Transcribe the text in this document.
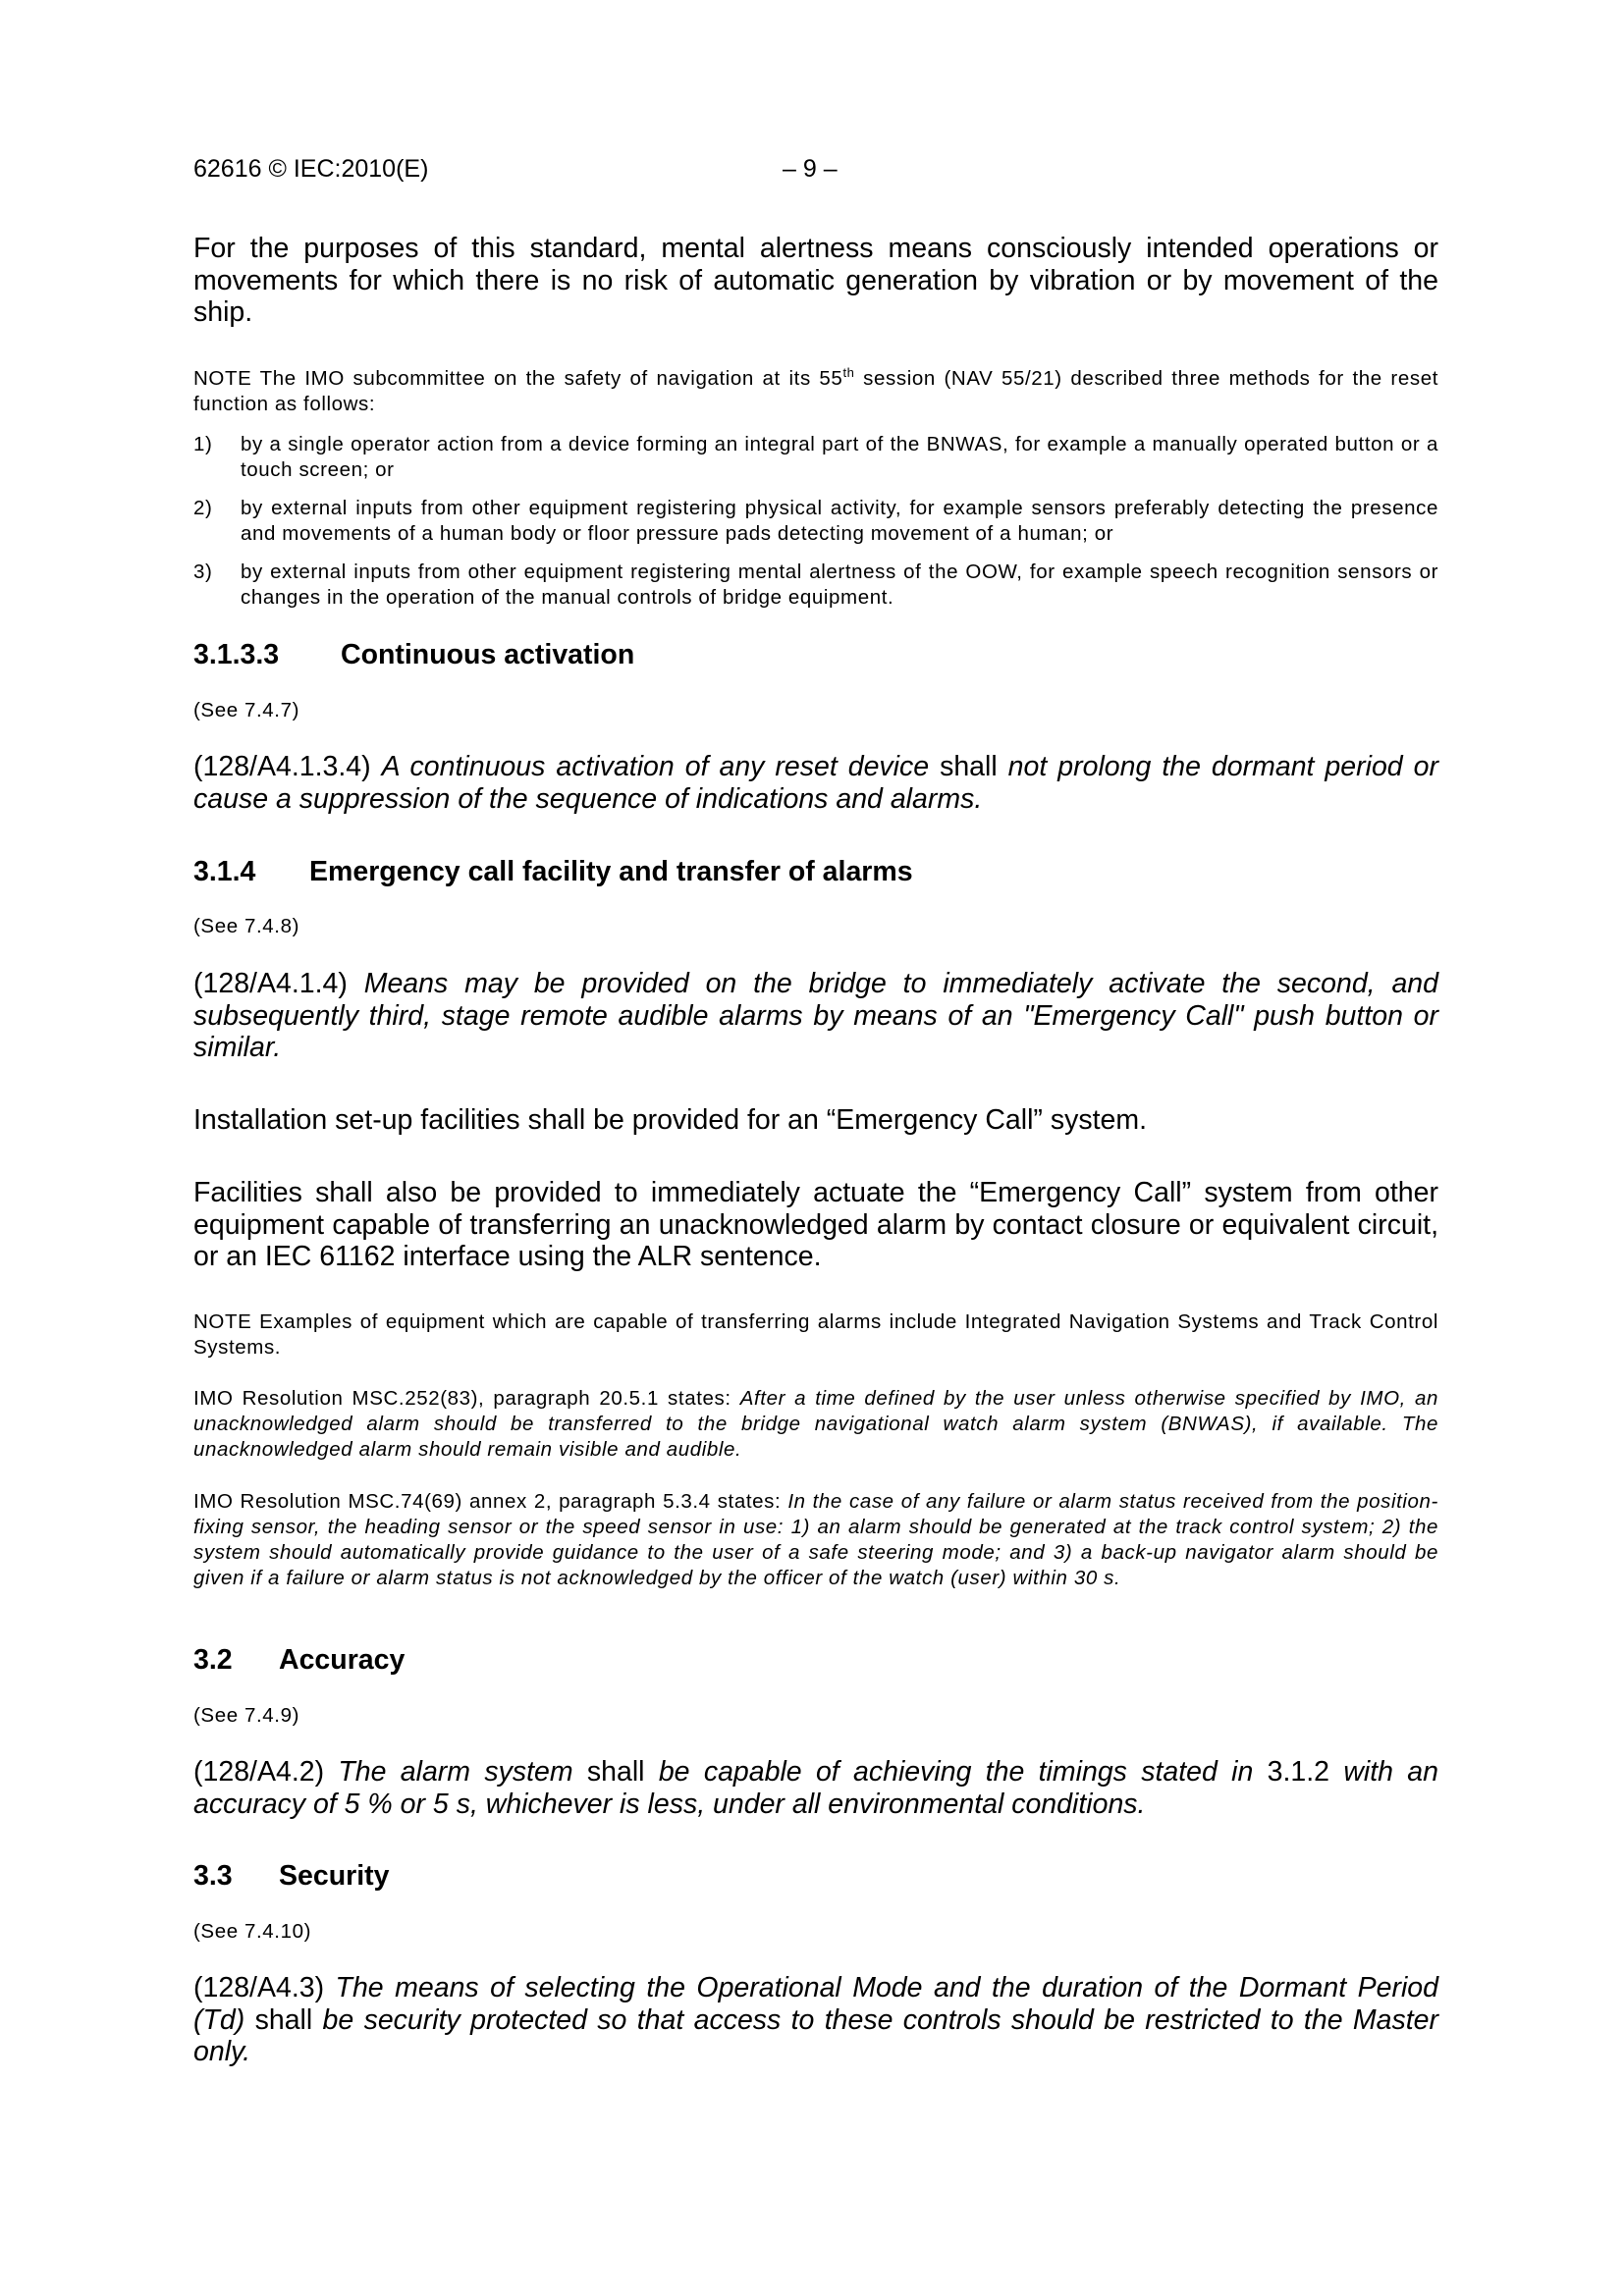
62616 © IEC:2010(E)	– 9 –

For the purposes of this standard, mental alertness means consciously intended operations or movements for which there is no risk of automatic generation by vibration or by movement of the ship.

NOTE The IMO subcommittee on the safety of navigation at its 55th session (NAV 55/21) described three methods for the reset function as follows:

1) by a single operator action from a device forming an integral part of the BNWAS, for example a manually operated button or a touch screen; or
2) by external inputs from other equipment registering physical activity, for example sensors preferably detecting the presence and movements of a human body or floor pressure pads detecting movement of a human; or
3) by external inputs from other equipment registering mental alertness of the OOW, for example speech recognition sensors or changes in the operation of the manual controls of bridge equipment.
3.1.3.3 Continuous activation

(See 7.4.7)

(128/A4.1.3.4) A continuous activation of any reset device shall not prolong the dormant period or cause a suppression of the sequence of indications and alarms.

3.1.4 Emergency call facility and transfer of alarms

(See 7.4.8)

(128/A4.1.4) Means may be provided on the bridge to immediately activate the second, and subsequently third, stage remote audible alarms by means of an "Emergency Call" push button or similar.

Installation set-up facilities shall be provided for an “Emergency Call” system.

Facilities shall also be provided to immediately actuate the “Emergency Call” system from other equipment capable of transferring an unacknowledged alarm by contact closure or equivalent circuit, or an IEC 61162 interface using the ALR sentence.

NOTE Examples of equipment which are capable of transferring alarms include Integrated Navigation Systems and Track Control Systems.

IMO Resolution MSC.252(83), paragraph 20.5.1 states: After a time defined by the user unless otherwise specified by IMO, an unacknowledged alarm should be transferred to the bridge navigational watch alarm system (BNWAS), if available. The unacknowledged alarm should remain visible and audible.

IMO Resolution MSC.74(69) annex 2, paragraph 5.3.4 states: In the case of any failure or alarm status received from the position-fixing sensor, the heading sensor or the speed sensor in use: 1) an alarm should be generated at the track control system; 2) the system should automatically provide guidance to the user of a safe steering mode; and 3) a back-up navigator alarm should be given if a failure or alarm status is not acknowledged by the officer of the watch (user) within 30 s.

3.2 Accuracy

(See 7.4.9)

(128/A4.2) The alarm system shall be capable of achieving the timings stated in 3.1.2 with an accuracy of 5 % or 5 s, whichever is less, under all environmental conditions.

3.3 Security

(See 7.4.10)

(128/A4.3) The means of selecting the Operational Mode and the duration of the Dormant Period (Td) shall be security protected so that access to these controls should be restricted to the Master only.
